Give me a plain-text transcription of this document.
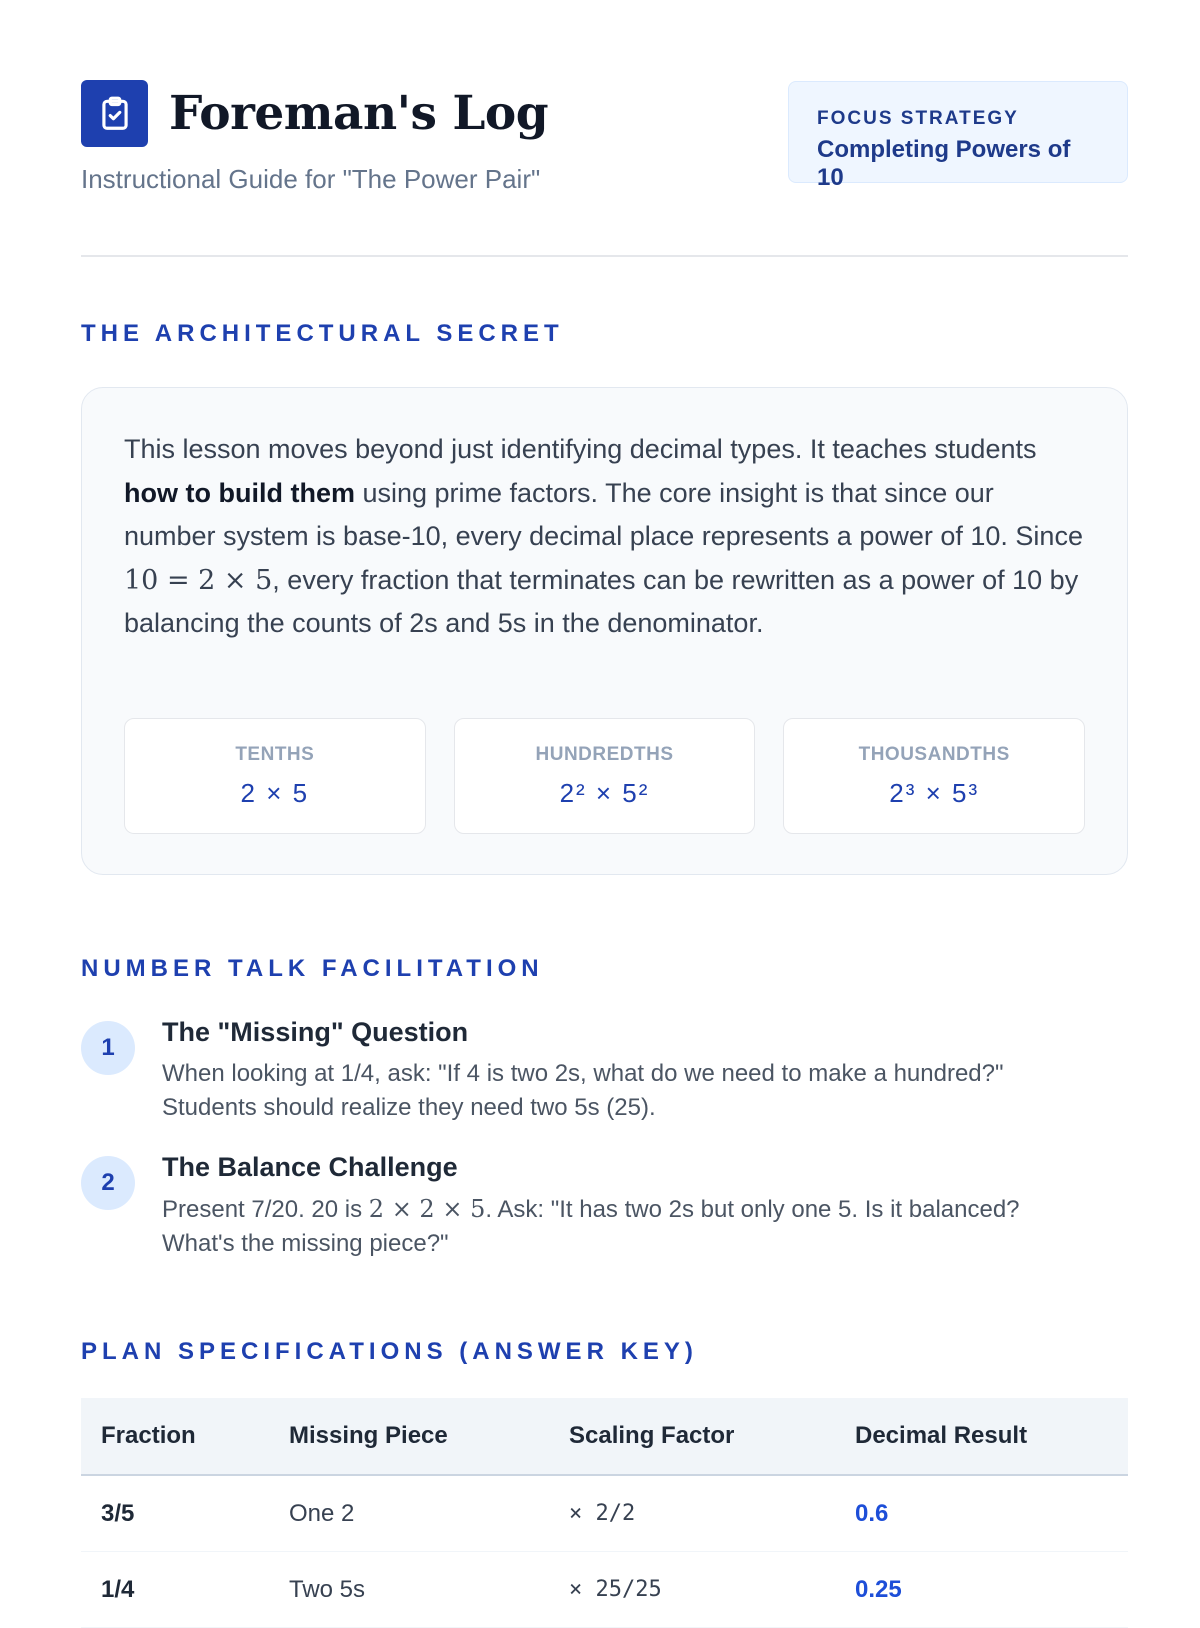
Foreman's Log
Instructional Guide for "The Power Pair"
FOCUS STRATEGY
Completing Powers of 10
THE ARCHITECTURAL SECRET

This lesson moves beyond just identifying decimal types. It teaches students how to build them using prime factors. The core insight is that since our number system is base-10, every decimal place represents a power of 10. Since 10 = 2 × 5, every fraction that terminates can be rewritten as a power of 10 by balancing the counts of 2s and 5s in the denominator.

TENTHS
2 × 5
HUNDREDTHS
2² × 5²
THOUSANDTHS
2³ × 5³
NUMBER TALK FACILITATION
1
The "Missing" Question
When looking at 1/4, ask: "If 4 is two 2s, what do we need to make a hundred?" Students should realize they need two 5s (25).
2
The Balance Challenge
Present 7/20. 20 is 2 × 2 × 5. Ask: "It has two 2s but only one 5. Is it balanced? What's the missing piece?"
PLAN SPECIFICATIONS (ANSWER KEY)
Fraction	Missing Piece	Scaling Factor	Decimal Result
3/5	One 2	× 2/2	0.6
1/4	Two 5s	× 25/25	0.25
